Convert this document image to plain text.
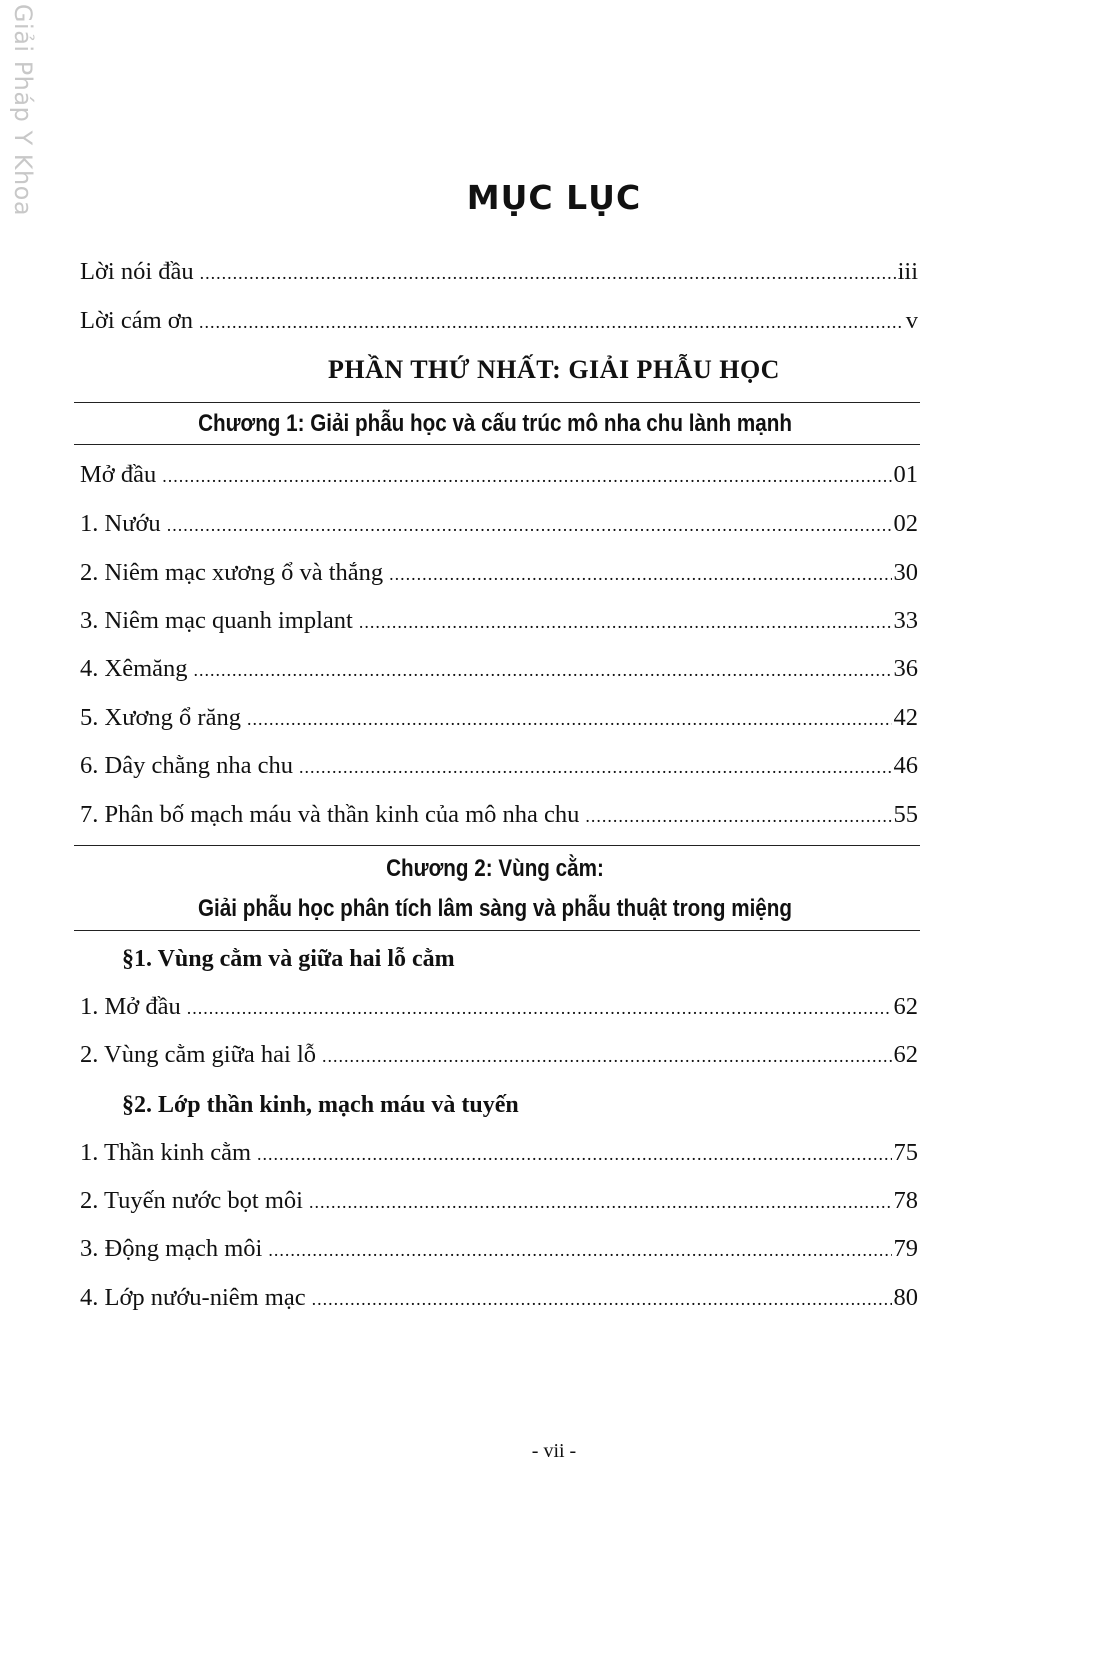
Giải Pháp Y Khoa	MỤC LỤC
Lời nói đầu .....	iii
Lời cám ơn .....	v
PHẦN THỨ NHẤT: GIẢI PHẪU HỌC
Chương 1: Giải phẫu học và cấu trúc mô nha chu lành mạnh
Mở đầu .....	01
1. Nướu .....	02
2. Niêm mạc xương ổ và thắng .....	30
3. Niêm mạc quanh implant .....	33
4. Xêmăng .....	36
5. Xương ổ răng .....	42
6. Dây chằng nha chu .....	46
7. Phân bố mạch máu và thần kinh của mô nha chu .....	55
Chương 2: Vùng cằm:
Giải phẫu học phân tích lâm sàng và phẫu thuật trong miệng
§1. Vùng cằm và giữa hai lỗ cằm
1. Mở đầu .....	62
2. Vùng cằm giữa hai lỗ .....	62
§2. Lớp thần kinh, mạch máu và tuyến
1. Thần kinh cằm .....	75
2. Tuyến nước bọt môi .....	78
3. Động mạch môi .....	79
4. Lớp nướu-niêm mạc .....	80
- vii -
